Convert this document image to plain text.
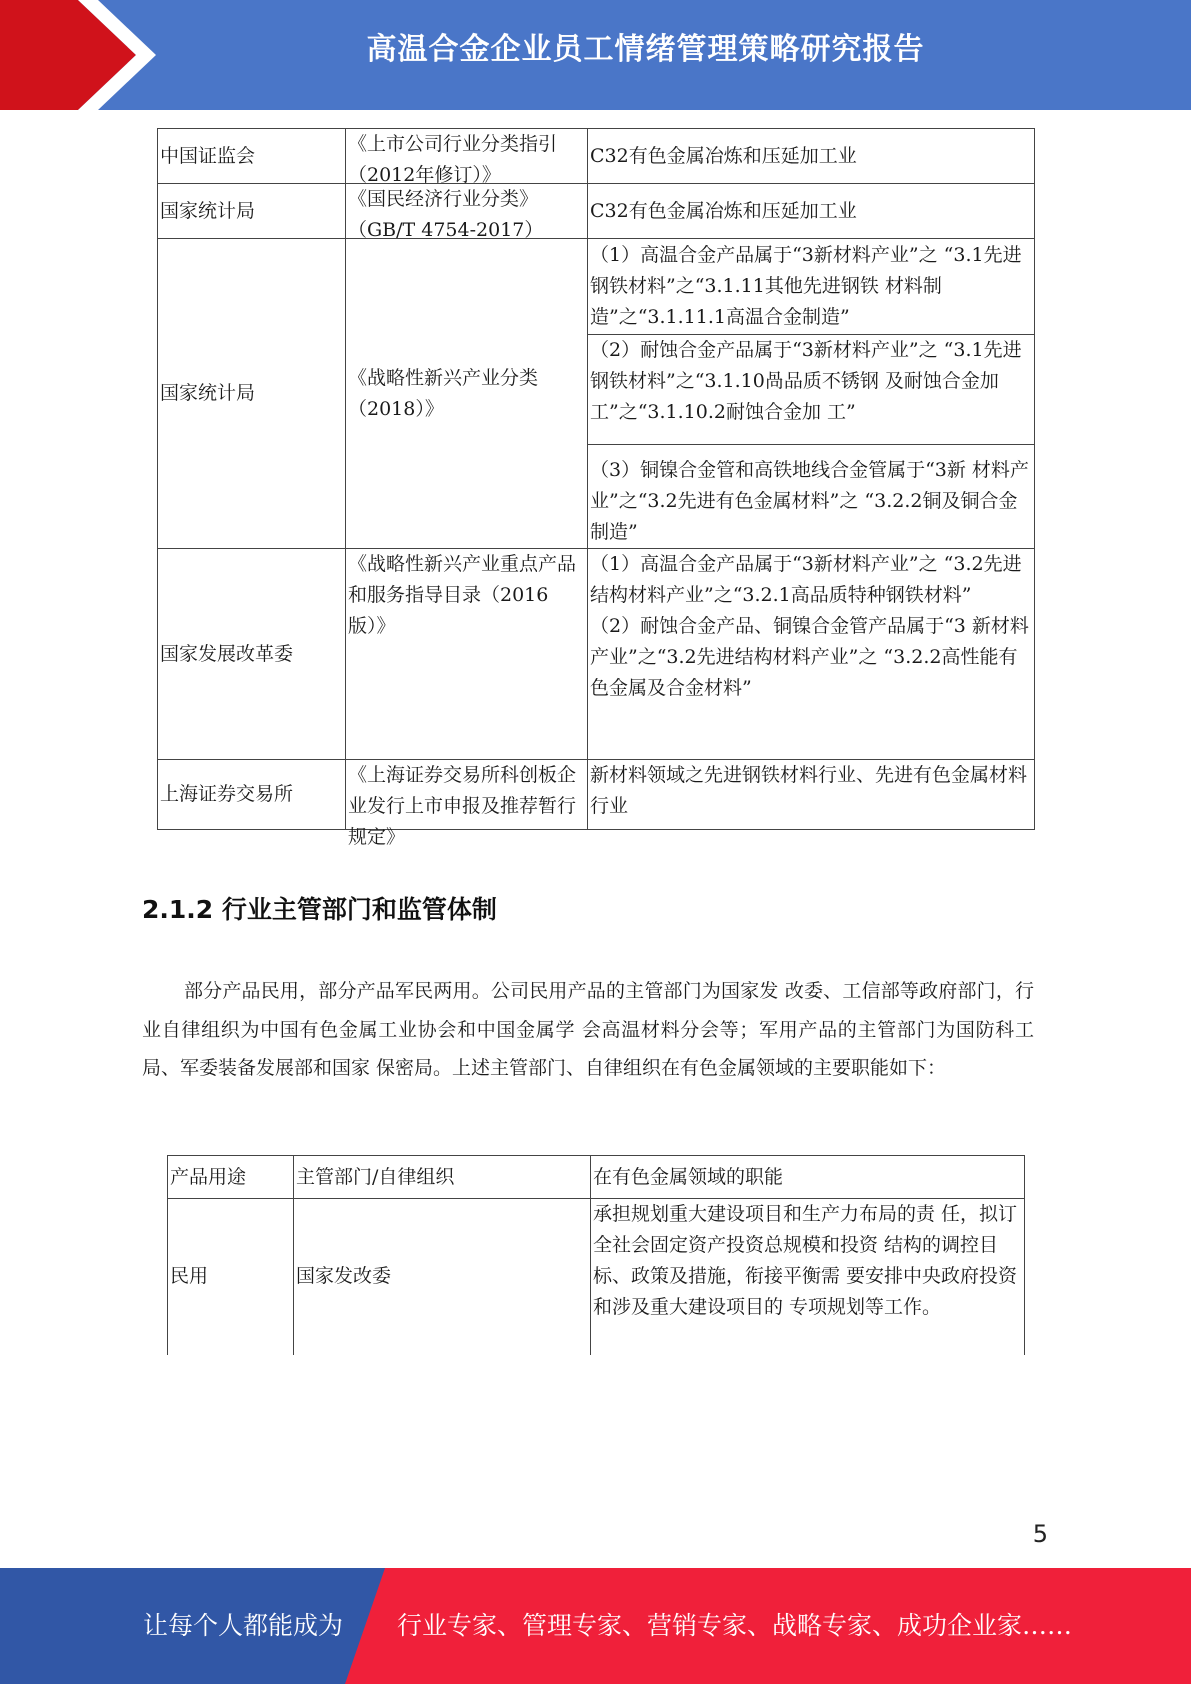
高温合金企业员工情绪管理策略研究报告
中国证监会	《上市公司行业分类指引（2012年修订）》	C32有色金属冶炼和压延加工业
国家统计局	《国民经济行业分类》（GB/T 4754-2017）	C32有色金属冶炼和压延加工业
国家统计局	《战略性新兴产业分类（2018）》	（1）高温合金产品属于“3新材料产业”之 “3.1先进钢铁材料”之“3.1.11其他先进钢铁 材料制造”之“3.1.11.1高温合金制造”
		（2）耐蚀合金产品属于“3新材料产业”之 “3.1先进钢铁材料”之“3.1.10咼品质不锈钢 及耐蚀合金加工”之“3.1.10.2耐蚀合金加 工”
		（3）铜镍合金管和高铁地线合金管属于“3新 材料产业”之“3.2先进有色金属材料”之 “3.2.2铜及铜合金制造”
国家发展改革委	《战略性新兴产业重点产品和服务指导目录（2016版）》	（1）高温合金产品属于“3新材料产业”之 “3.2先进结构材料产业”之“3.2.1高品质特种钢铁材料”
（2）耐蚀合金产品、铜镍合金管产品属于“3 新材料产业”之“3.2先进结构材料产业”之 “3.2.2高性能有色金属及合金材料”

上海证券交易所	《上海证券交易所科创板企业发行上市申报及推荐暂行规定》	新材料领域之先进钢铁材料行业、先进有色金属材料行业
2.1.2 行业主管部门和监管体制
部分产品民用，部分产品军民两用。公司民用产品的主管部门为国家发 改委、工信部等政府部门，行业自律组织为中国有色金属工业协会和中国金属学 会高温材料分会等；军用产品的主管部门为国防科工局、军委装备发展部和国家 保密局。上述主管部门、自律组织在有色金属领域的主要职能如下：
产品用途	主管部门/自律组织	在有色金属领域的职能
民用	国家发改委	承担规划重大建设项目和生产力布局的责 任，拟订全社会固定资产投资总规模和投资 结构的调控目标、政策及措施，衔接平衡需 要安排中央政府投资和涉及重大建设项目的 专项规划等工作。
5
让每个人都能成为 行业专家、管理专家、营销专家、战略专家、成功企业家……
